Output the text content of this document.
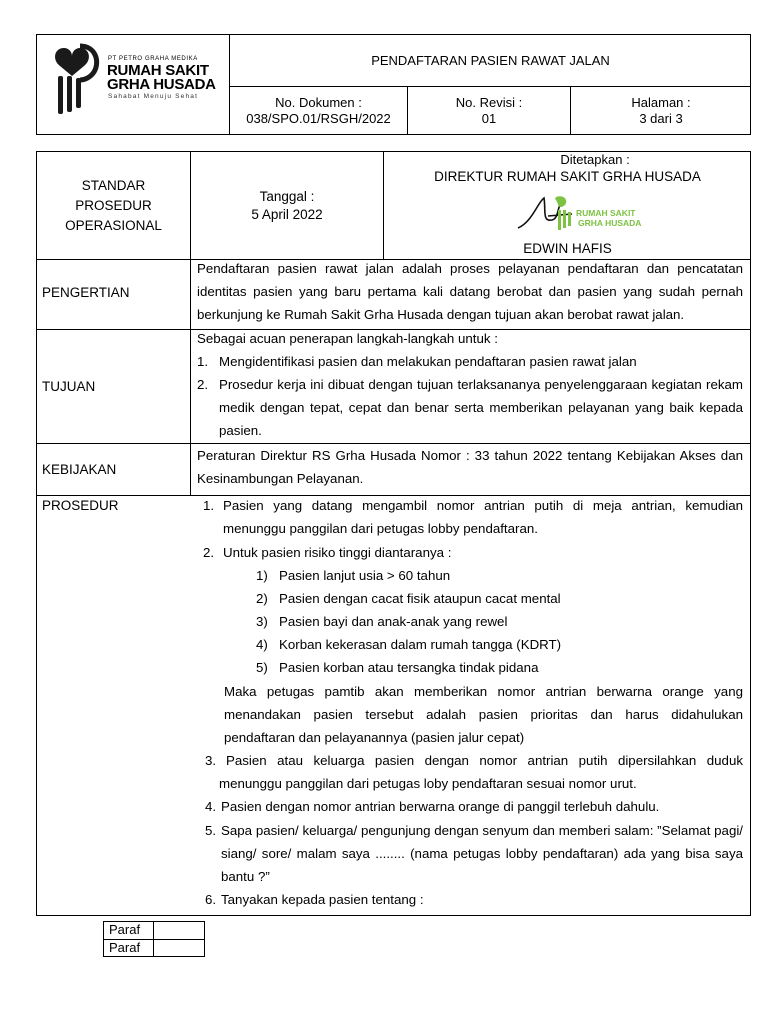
PT PETRO GRAHA MEDIKA
RUMAH SAKIT
GRHA HUSADA
Sahabat Menuju Sehat
PENDAFTARAN PASIEN RAWAT JALAN
No. Dokumen :
038/SPO.01/RSGH/2022
No. Revisi :
01
Halaman :
3 dari 3
STANDAR
PROSEDUR
OPERASIONAL
Tanggal :
5 April 2022
Ditetapkan :
DIREKTUR RUMAH SAKIT GRHA HUSADA
RUMAH SAKIT
GRHA HUSADA
EDWIN HAFIS
PENGERTIAN
Pendaftaran pasien rawat jalan adalah proses pelayanan pendaftaran dan pencatatan identitas pasien yang baru pertama kali datang berobat dan pasien yang sudah pernah berkunjung ke Rumah Sakit Grha Husada dengan tujuan akan berobat rawat jalan.
TUJUAN
Sebagai acuan penerapan langkah-langkah untuk :
1. Mengidentifikasi pasien dan melakukan pendaftaran pasien rawat jalan
2. Prosedur kerja ini dibuat dengan tujuan terlaksananya penyelenggaraan kegiatan rekam medik dengan tepat, cepat dan benar serta memberikan pelayanan yang baik kepada pasien.
KEBIJAKAN
Peraturan Direktur RS Grha Husada Nomor : 33 tahun 2022 tentang Kebijakan Akses dan Kesinambungan Pelayanan.
PROSEDUR	1. Pasien yang datang mengambil nomor antrian putih di meja antrian, kemudian menunggu panggilan dari petugas lobby pendaftaran.
2. Untuk pasien risiko tinggi diantaranya :
1) Pasien lanjut usia > 60 tahun
2) Pasien dengan cacat fisik ataupun cacat mental
3) Pasien bayi dan anak-anak yang rewel
4) Korban kekerasan dalam rumah tangga (KDRT)
5) Pasien korban atau tersangka tindak pidana
Maka petugas pamtib akan memberikan nomor antrian berwarna orange yang menandakan pasien tersebut adalah pasien prioritas dan harus didahulukan pendaftaran dan pelayanannya (pasien jalur cepat)
3. Pasien atau keluarga pasien dengan nomor antrian putih dipersilahkan duduk menunggu panggilan dari petugas loby pendaftaran sesuai nomor urut.
4. Pasien dengan nomor antrian berwarna orange di panggil terlebuh dahulu.
5. Sapa pasien/ keluarga/ pengunjung dengan senyum dan memberi salam: ”Selamat pagi/ siang/ sore/ malam saya ........ (nama petugas lobby pendaftaran) ada yang bisa saya bantu ?”
6. Tanyakan kepada pasien tentang :
Paraf
Paraf
